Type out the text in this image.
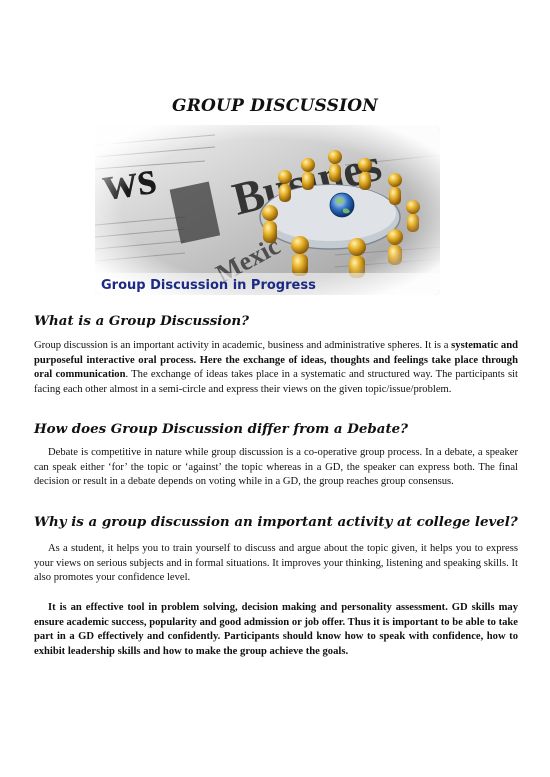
GROUP DISCUSSION
Group Discussion in Progress
What is a Group Discussion?

Group discussion is an important activity in academic, business and administrative spheres. It is a systematic and purposeful interactive oral process. Here the exchange of ideas, thoughts and feelings take place through oral communication. The exchange of ideas takes place in a systematic and structured way. The participants sit facing each other almost in a semi-circle and express their views on the given topic/issue/problem.

How does Group Discussion differ from a Debate?

Debate is competitive in nature while group discussion is a co-operative group process. In a debate, a speaker can speak either ‘for’ the topic or ‘against’ the topic whereas in a GD, the speaker can express both. The final decision or result in a debate depends on voting while in a GD, the group reaches group consensus.

Why is a group discussion an important activity at college level?

As a student, it helps you to train yourself to discuss and argue about the topic given, it helps you to express your views on serious subjects and in formal situations. It improves your thinking, listening and speaking skills. It also promotes your confidence level.

It is an effective tool in problem solving, decision making and personality assessment. GD skills may ensure academic success, popularity and good admission or job offer. Thus it is important to be able to take part in a GD effectively and confidently. Participants should know how to speak with confidence, how to exhibit leadership skills and how to make the group achieve the goals.
